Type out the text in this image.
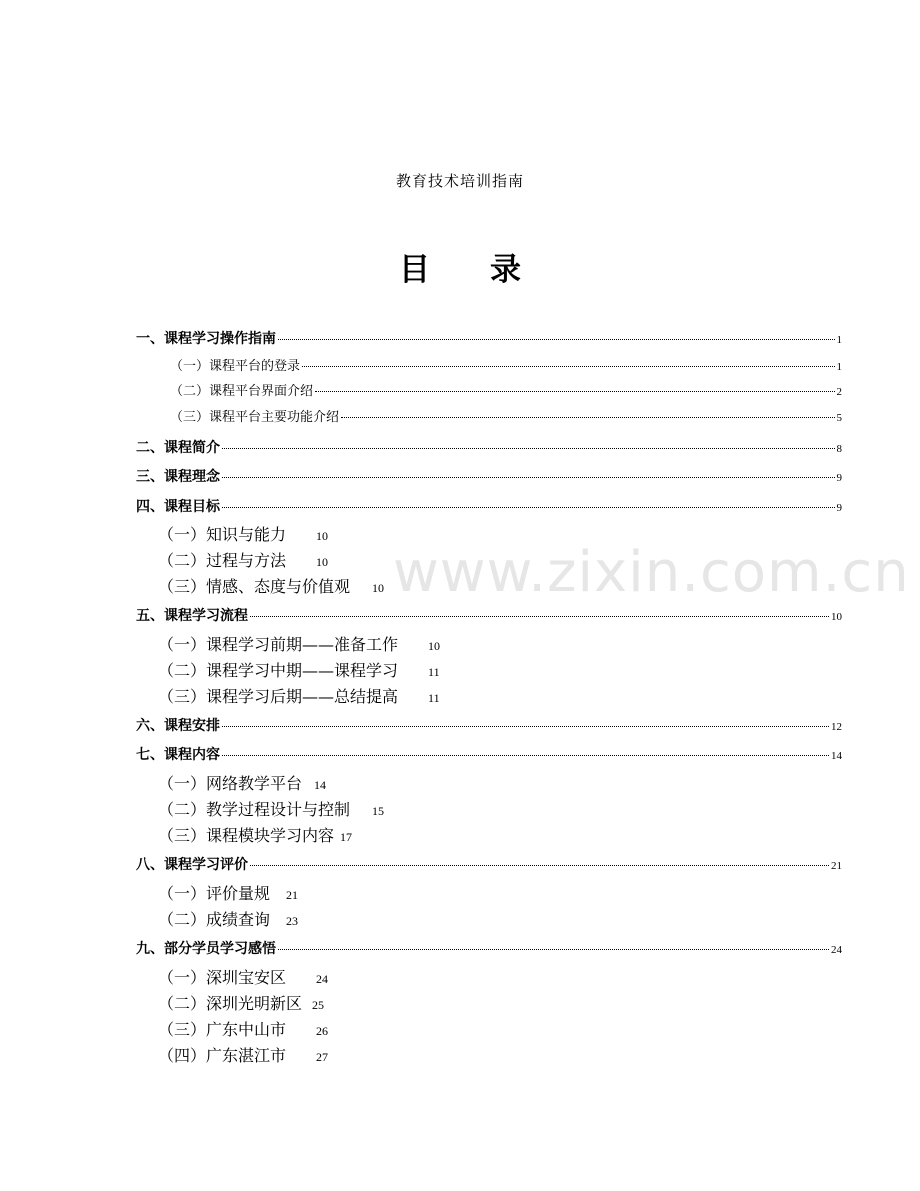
教育技术培训指南
目 录
www.zixin.com.cn
一、课程学习操作指南	1
（一）课程平台的登录	1
（二）课程平台界面介绍	2
（三）课程平台主要功能介绍	5
二、课程简介	8
三、课程理念	9
四、课程目标	9
（一）知识与能力	10
（二）过程与方法	10
（三）情感、态度与价值观 10
五、课程学习流程	10
（一）课程学习前期——准备工作	10
（二）课程学习中期——课程学习	11
（三）课程学习后期——总结提高	11
六、课程安排	12
七、课程内容	14
（一）网络教学平台 14
（二）教学过程设计与控制 15
（三）课程模块学习内容 17
八、课程学习评价	21
（一）评价量规 21
（二）成绩查询 23
九、部分学员学习感悟	24
（一）深圳宝安区	24
（二）深圳光明新区 25
（三）广东中山市	26
（四）广东湛江市	27
